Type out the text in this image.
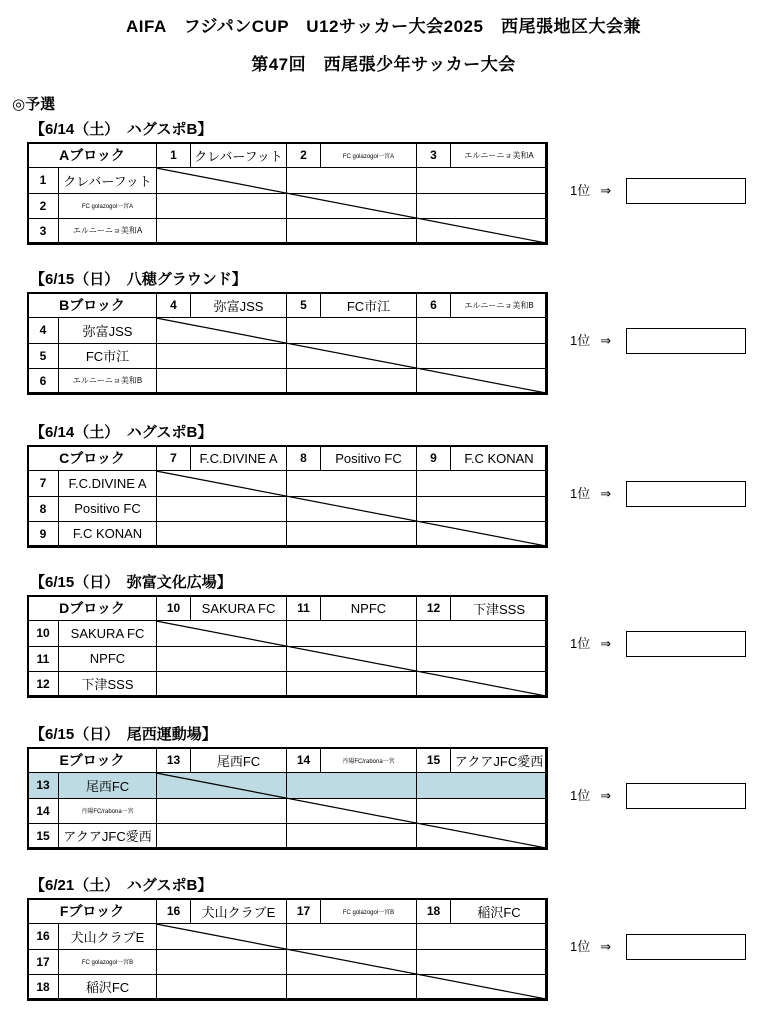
AIFA　フジパンCUP　U12サッカー大会2025　西尾張地区大会兼
第47回　西尾張少年サッカー大会
◎予選
【6/14（土）　ハグスポB】
Aブロック		1	クレバーフット	2	FC golazogol一宮A	3	エルニーニョ美和A
1	クレバーフット						
2	FC golazogol一宮A						
3	エルニーニョ美和A						
1位 ⇒
【6/15（日）　八穂グラウンド】
Bブロック		4	弥富JSS	5	FC市江	6	エルニーニョ美和B
4	弥富JSS						
5	FC市江						
6	エルニーニョ美和B						
1位 ⇒
【6/14（土）　ハグスポB】
Cブロック		7	F.C.DIVINE A	8	Positivo FC	9	F.C KONAN
7	F.C.DIVINE A						
8	Positivo FC						
9	F.C KONAN						
1位 ⇒
【6/15（日）　弥富文化広場】
Dブロック		10	SAKURA FC	11	NPFC	12	下津SSS
10	SAKURA FC						
11	NPFC						
12	下津SSS						
1位 ⇒
【6/15（日）　尾西運動場】
Eブロック		13	尾西FC	14	丹陽FC/rabona一宮	15	アクアJFC愛西
13	尾西FC						
14	丹陽FC/rabona一宮						
15	アクアJFC愛西						
1位 ⇒
【6/21（土）　ハグスポB】
Fブロック		16	犬山クラブE	17	FC golazogol一宮B	18	稲沢FC
16	犬山クラブE						
17	FC golazogol一宮B						
18	稲沢FC						
1位 ⇒
